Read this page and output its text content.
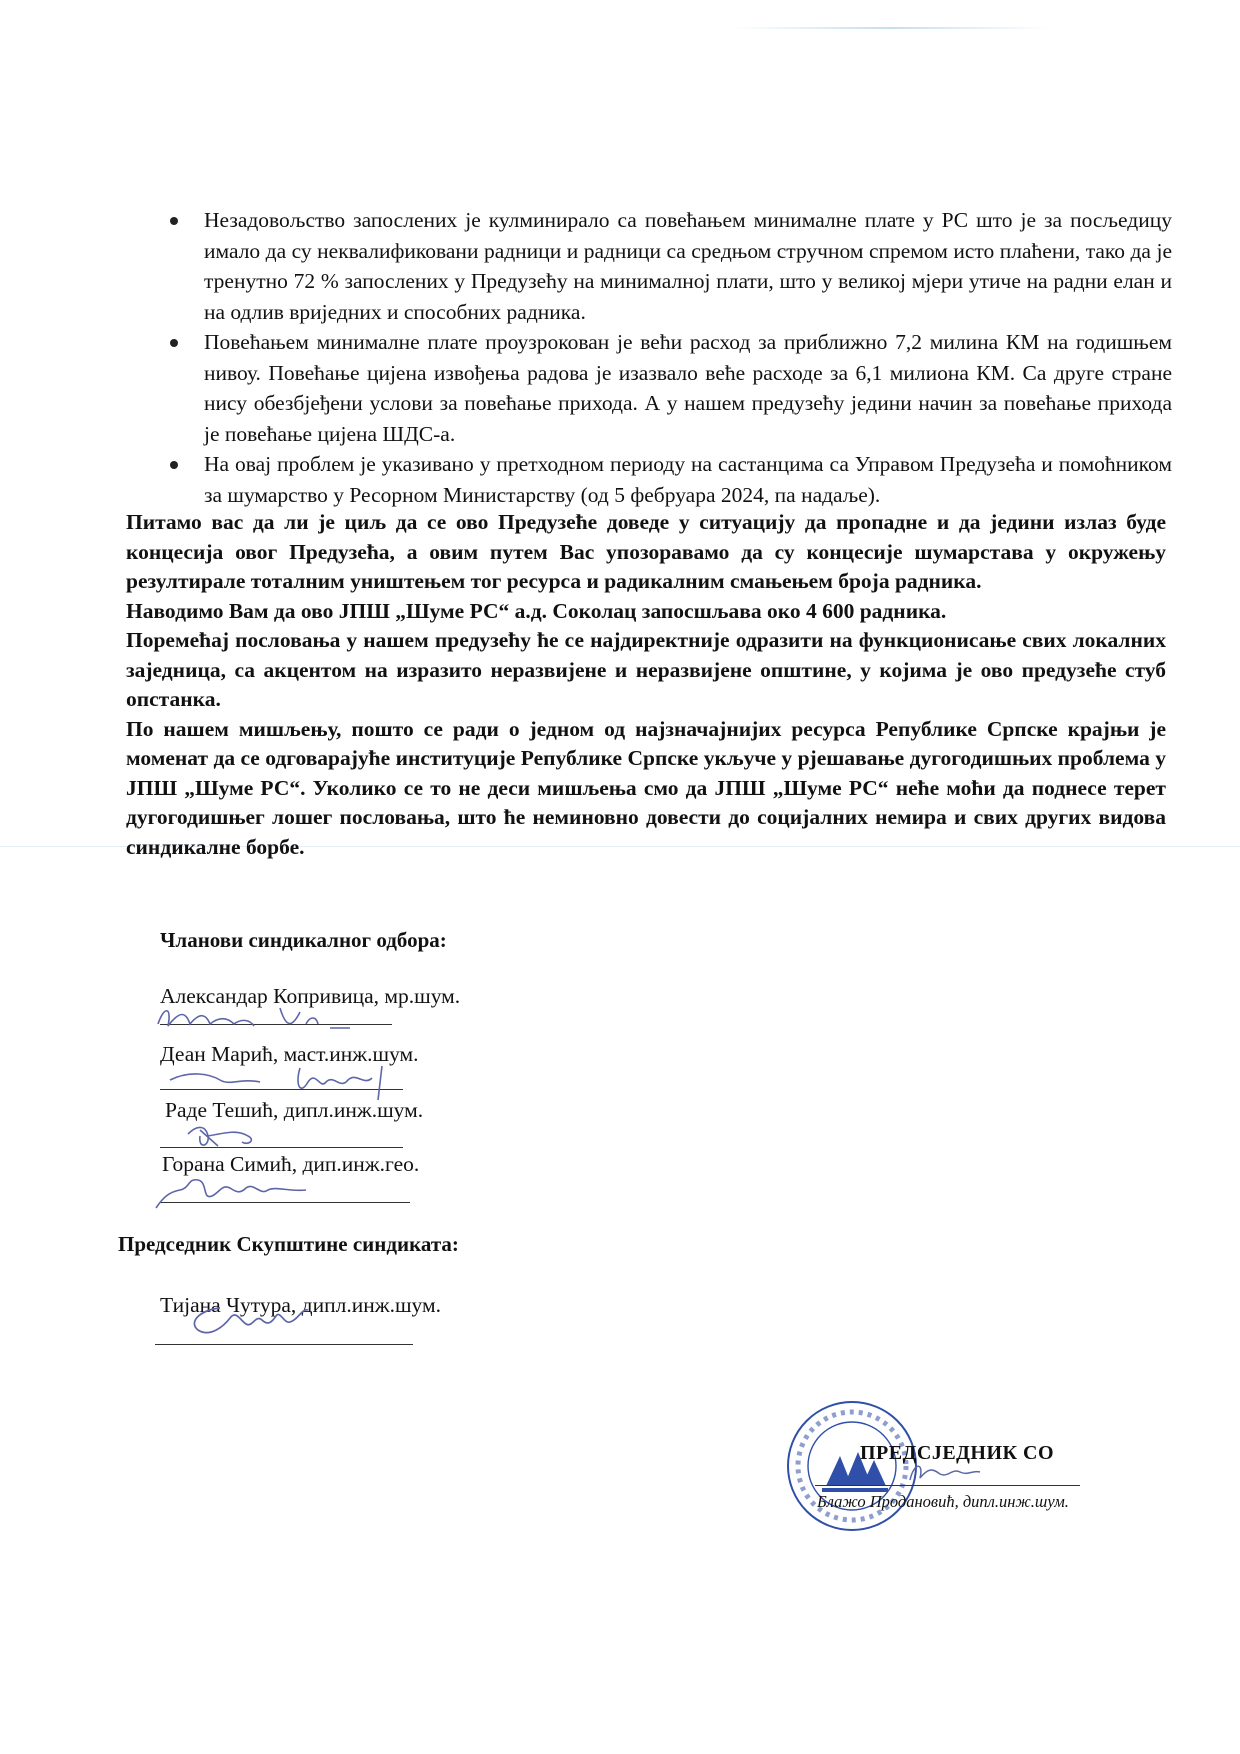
Незадовољство запослених је кулминирало са повећањем минималне плате у РС што је за посљедицу имало да су неквалификовани радници и радници са средњом стручном спремом исто плаћени, тако да је тренутно 72 % запослених у Предузећу на минималној плати, што у великој мјери утиче на радни елан и на одлив вриједних и способних радника.

Повећањем минималне плате проузрокован је већи расход за приближно 7,2 милина КМ на годишњем нивоу. Повећање цијена извођења радова је изазвало веће расходе за 6,1 милиона КМ. Са друге стране нису обезбјеђени услови за повећање прихода. А у нашем предузећу једини начин за повећање прихода је повећање цијена ШДС-а.

На овај проблем је указивано у претходном периоду на састанцима са Управом Предузећа и помоћником за шумарство у Ресорном Министарству (од 5 фебруара 2024, па надаље).

Питамо вас да ли је циљ да се ово Предузеће доведе у ситуацију да пропадне и да једини излаз буде концесија овог Предузећа, а овим путем Вас упозоравамо да су концесије шумарстава у окружењу резултирале тоталним уништењем тог ресурса и радикалним смањењем броја радника.

Наводимо Вам да ово ЈПШ „Шуме РС“ а.д. Соколац запосшљава око 4 600 радника.

Поремећај пословања у нашем предузећу ће се најдиректније одразити на функционисање свих локалних заједница, са акцентом на изразито неразвијене и неразвијене општине, у којима је ово предузеће стуб опстанка.

По нашем мишљењу, пошто се ради о једном од најзначајнијих ресурса Републике Српске крајњи је моменат да се одговарајуће институције Републике Српске укључе у рјешавање дугогодишњих проблема у ЈПШ „Шуме РС“. Уколико се то не деси мишљења смо да ЈПШ „Шуме РС“ неће моћи да поднесе терет дугогодишњег лошег пословања, што ће неминовно довести до социјалних немира и свих других видова синдикалне борбе.

Чланови синдикалног одбора:
Александар Копривица, мр.шум.
Деан Марић, маст.инж.шум.
Раде Тешић, дипл.инж.шум.
Горана Симић, дип.инж.гео.
Председник Скупштине синдиката:
Тијана Чутура, дипл.инж.шум.
ПРЕДСЈЕДНИК СО
Блажо Продановић, дипл.инж.шум.
